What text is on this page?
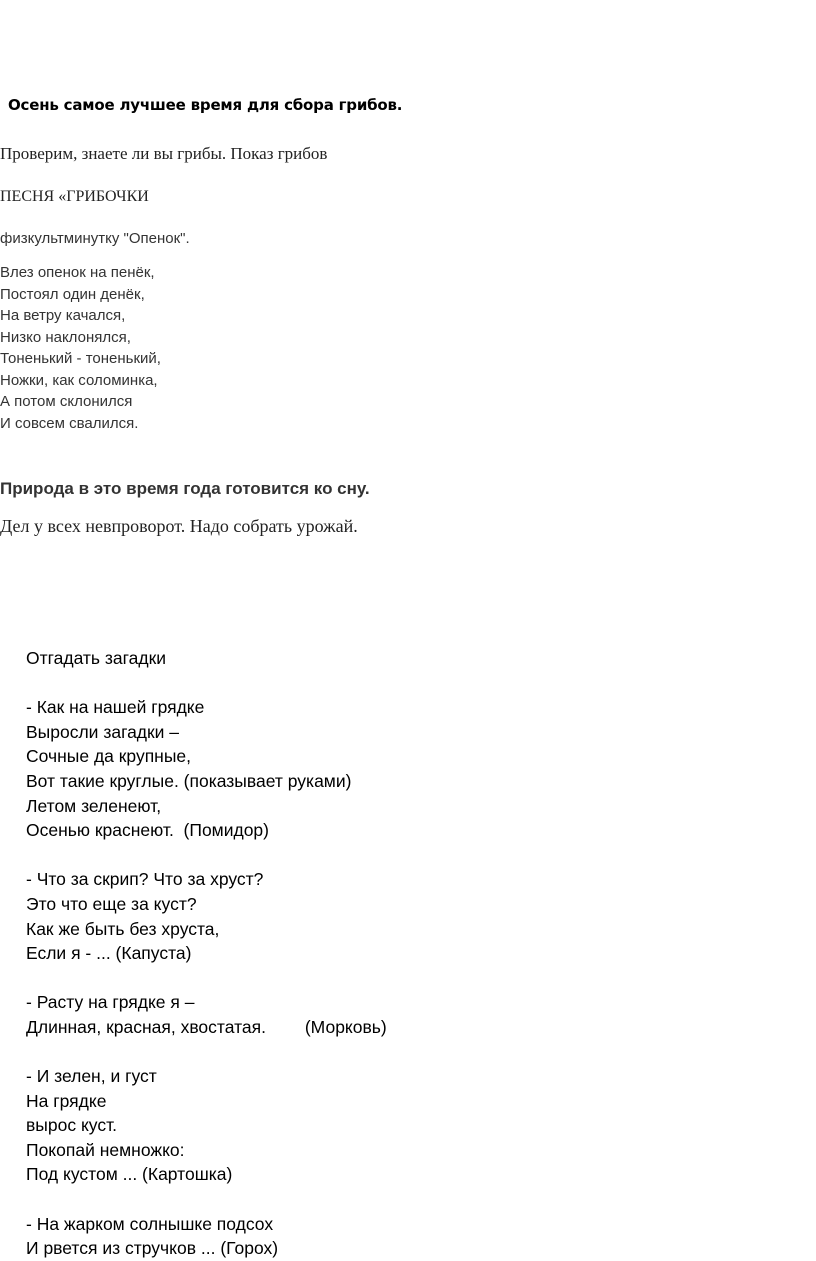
Осень самое лучшее время для сбора грибов.

Проверим, знаете ли вы грибы. Показ грибов

ПЕСНЯ «ГРИБОЧКИ

физкультминутку "Опенок".

Влез опенок на пенёк,
Постоял один денёк,
На ветру качался,
Низко наклонялся,
Тоненький - тоненький,
Ножки, как соломинка,
А потом склонился
И совсем свалился.
Природа в это время года готовится ко сну.

Дел у всех невпроворот. Надо собрать урожай.

Отгадать загадки
- Как на нашей грядке
Выросли загадки –
Сочные да крупные,
Вот такие круглые. (показывает руками)
Летом зеленеют,
Осенью краснеют.  (Помидор)
- Что за скрип? Что за хруст?
Это что еще за куст?
Как же быть без хруста,
Если я - ... (Капуста)
- Расту на грядке я –
Длинная, красная, хвостатая.        (Морковь)
- И зелен, и густ
На грядке
вырос куст.
Покопай немножко:
Под кустом ... (Картошка)
- На жарком солнышке подсох
И рвется из стручков ... (Горох)
